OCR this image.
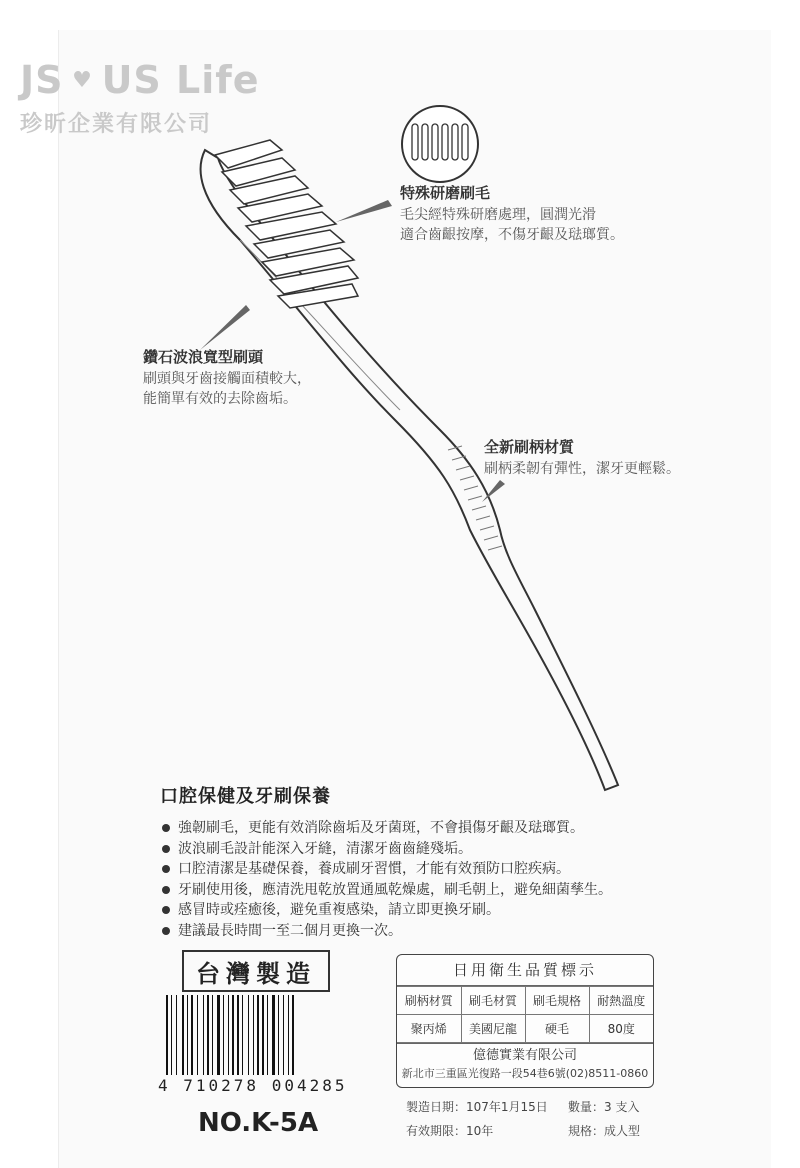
JS ♥ US Life
珍昕企業有限公司
特殊研磨刷毛
毛尖經特殊研磨處理，圓潤光滑
適合齒齦按摩，不傷牙齦及琺瑯質。
鑽石波浪寬型刷頭
刷頭與牙齒接觸面積較大，
能簡單有效的去除齒垢。
全新刷柄材質
刷柄柔韌有彈性，潔牙更輕鬆。
口腔保健及牙刷保養
強韌刷毛，更能有效消除齒垢及牙菌斑，不會損傷牙齦及琺瑯質。
波浪刷毛設計能深入牙縫，清潔牙齒齒縫殘垢。
口腔清潔是基礎保養，養成刷牙習慣，才能有效預防口腔疾病。
牙刷使用後，應清洗甩乾放置通風乾燥處，刷毛朝上，避免細菌孳生。
感冒時或痊癒後，避免重複感染，請立即更換牙刷。
建議最長時間一至二個月更換一次。
台灣製造
4 710278 004285
NO.K-5A
日用衛生品質標示
刷柄材質	刷毛材質	刷毛規格	耐熱溫度
聚丙烯	美國尼龍	硬毛	80度
億德實業有限公司
新北市三重區光復路一段54巷6號(02)8511-0860
製造日期：107年1月15日 數量：3 支入
有效期限：10年	規格：成人型
